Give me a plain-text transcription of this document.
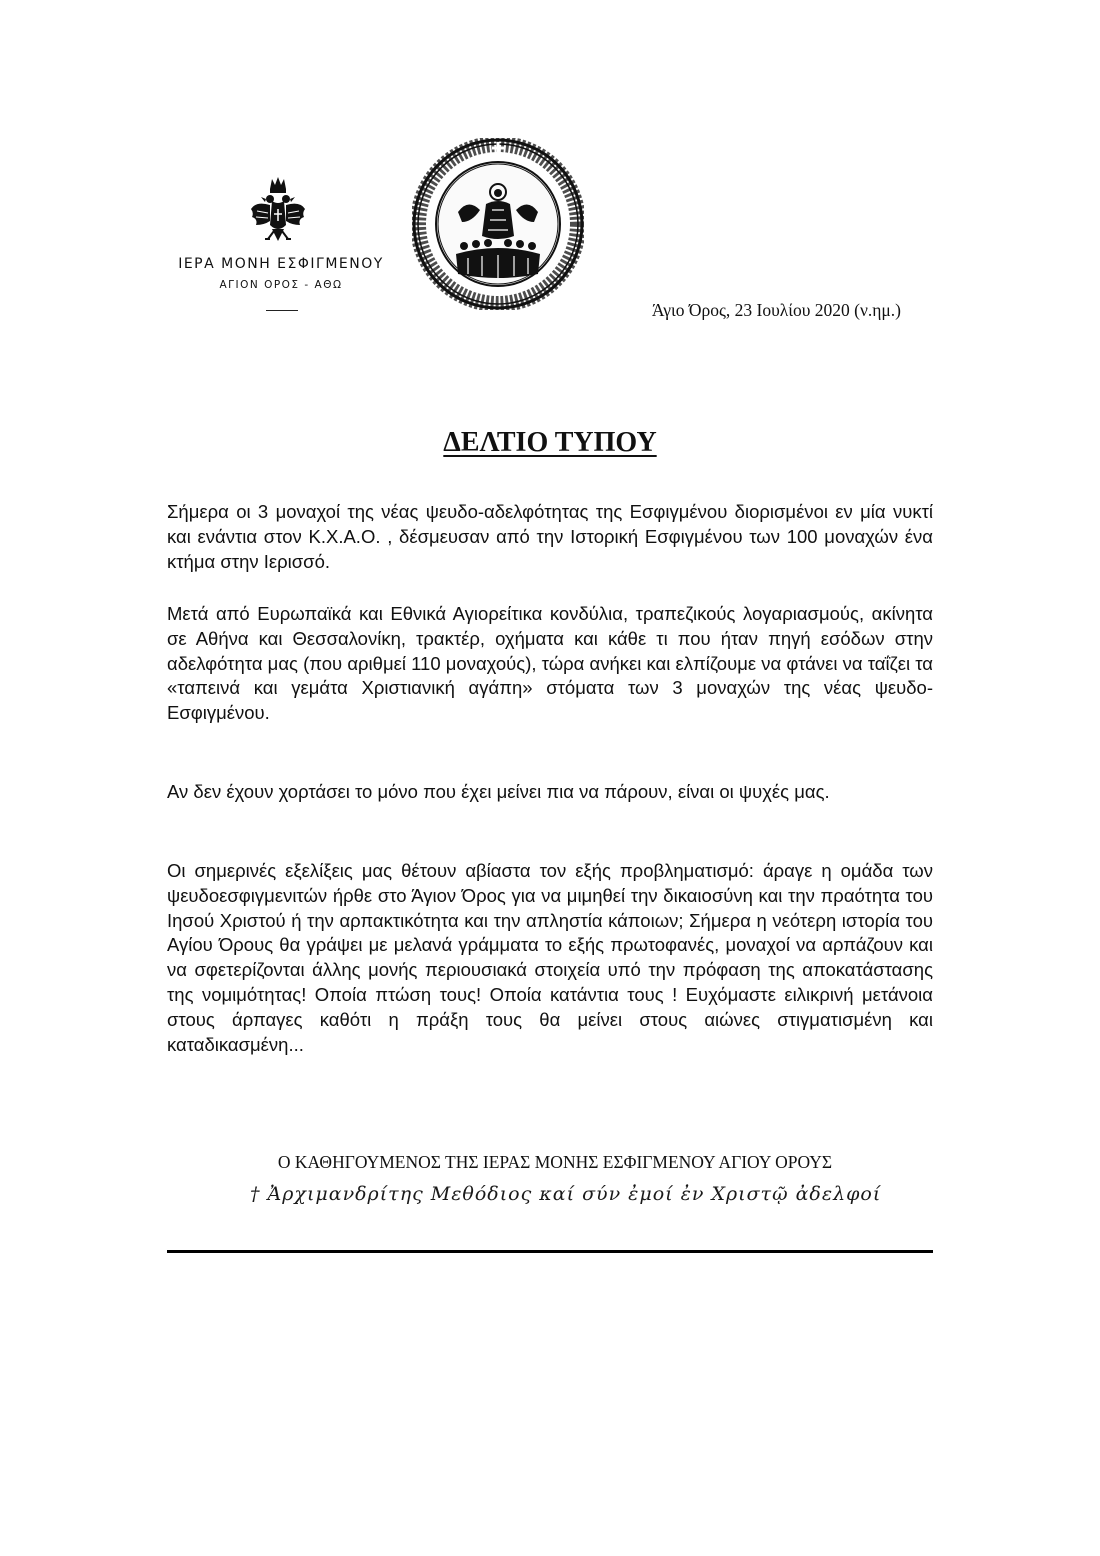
ΙΕΡΑ ΜΟΝΗ ΕΣΦΙΓΜΕΝΟΥ
ΑΓΙΟΝ ΟΡΟΣ - ΑΘΩ
Άγιο Όρος, 23 Ιουλίου 2020 (ν.ημ.)
ΔΕΛΤΙΟ ΤΥΠΟΥ

Σήμερα οι 3 μοναχοί της νέας ψευδο-αδελφότητας της Εσφιγμένου διορισμένοι εν μία νυκτί και ενάντια στον Κ.Χ.Α.Ο. , δέσμευσαν από την Ιστορική Εσφιγμένου των 100 μοναχών ένα κτήμα στην Ιερισσό.

Μετά από Ευρωπαϊκά και Εθνικά Αγιορείτικα κονδύλια, τραπεζικούς λογαριασμούς, ακίνητα σε Αθήνα και Θεσσαλονίκη, τρακτέρ, οχήματα και κάθε τι που ήταν πηγή εσόδων στην αδελφότητα μας (που αριθμεί 110 μοναχούς), τώρα ανήκει και ελπίζουμε να φτάνει να ταΐζει τα «ταπεινά και γεμάτα Χριστιανική αγάπη» στόματα των 3 μοναχών της νέας ψευδο-Εσφιγμένου.

Αν δεν έχουν χορτάσει το μόνο που έχει μείνει πια να πάρουν, είναι οι ψυχές μας.

Οι σημερινές εξελίξεις μας θέτουν αβίαστα τον εξής προβληματισμό: άραγε η ομάδα των ψευδοεσφιγμενιτών ήρθε στο Άγιον Όρος για να μιμηθεί την δικαιοσύνη και την πραότητα του Ιησού Χριστού ή την αρπακτικότητα και την απληστία κάποιων; Σήμερα η νεότερη ιστορία του Αγίου Όρους θα γράψει με μελανά γράμματα το εξής πρωτοφανές, μοναχοί να αρπάζουν και να σφετερίζονται άλλης μονής περιουσιακά στοιχεία υπό την πρόφαση της αποκατάστασης της νομιμότητας! Οποία πτώση τους! Οποία κατάντια τους ! Ευχόμαστε ειλικρινή μετάνοια στους άρπαγες καθότι η πράξη τους θα μείνει στους αιώνες στιγματισμένη και καταδικασμένη...

Ο ΚΑΘΗΓΟΥΜΕΝΟΣ ΤΗΣ ΙΕΡΑΣ ΜΟΝΗΣ ΕΣΦΙΓΜΕΝΟΥ ΑΓΙΟΥ ΟΡΟΥΣ
† Ἀρχιμανδρίτης Μεθόδιος καί σύν ἐμοί ἐν Χριστῷ ἀδελφοί
